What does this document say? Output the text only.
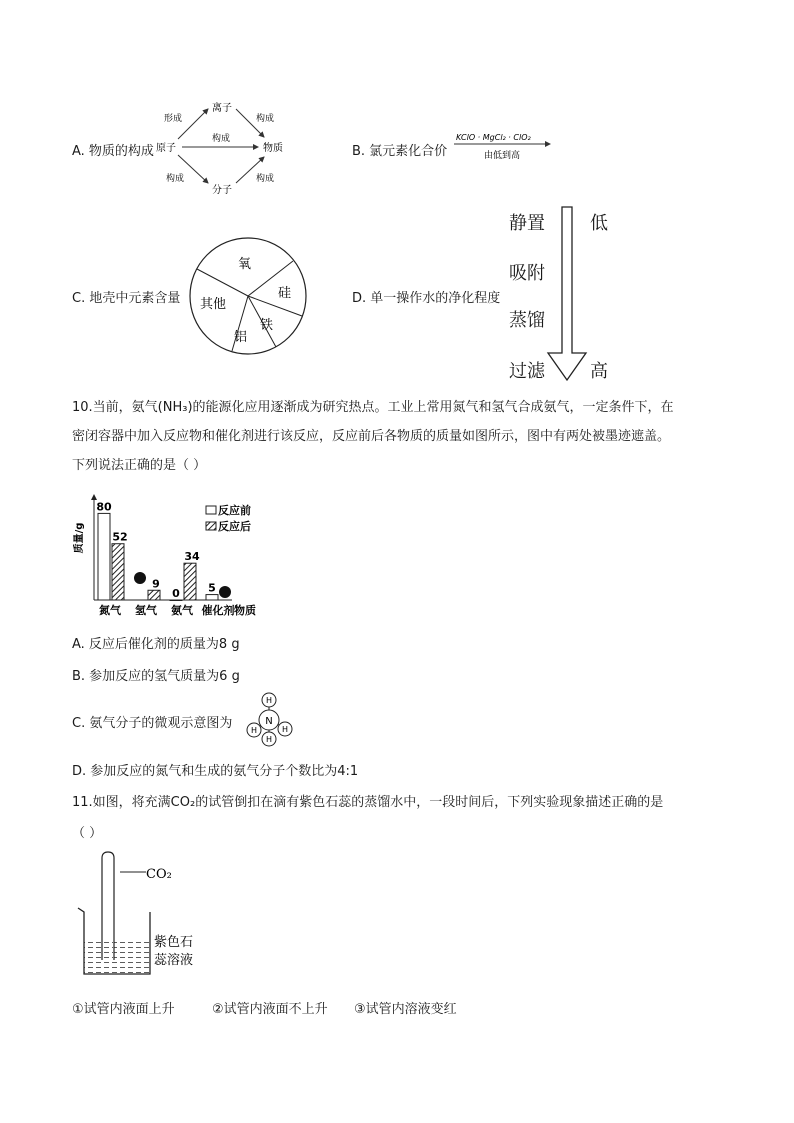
A. 物质的构成
离子
原子	物质
分子
形成	构成
构成
构成	构成
B. 氯元素化合价
KClO · MgCl₂ · ClO₂
由低到高
C. 地壳中元素含量
氧
硅
铁
铝
其他	D. 单一操作水的净化程度
静置
吸附
蒸馏
过滤
低
高
10.当前，氨气(NH₃)的能源化应用逐渐成为研究热点。工业上常用氮气和氢气合成氨气，一定条件下，在
密闭容器中加入反应物和催化剂进行该反应，反应前后各物质的质量如图所示，图中有两处被墨迹遮盖。
下列说法正确的是（ ）
质量/g
物质
80
52
9
0
34
5
氮气 氢气 氨气 催化剂
反应前
反应后
A. 反应后催化剂的质量为8 g
B. 参加反应的氢气质量为6 g
C. 氨气分子的微观示意图为
H
N
H	H
H
D. 参加反应的氮气和生成的氨气分子个数比为4:1
11.如图，将充满CO₂的试管倒扣在滴有紫色石蕊的蒸馏水中，一段时间后，下列实验现象描述正确的是
（ ）
CO₂
紫色石
蕊溶液
①试管内液面上升	②试管内液面不上升 ③试管内溶液变红
